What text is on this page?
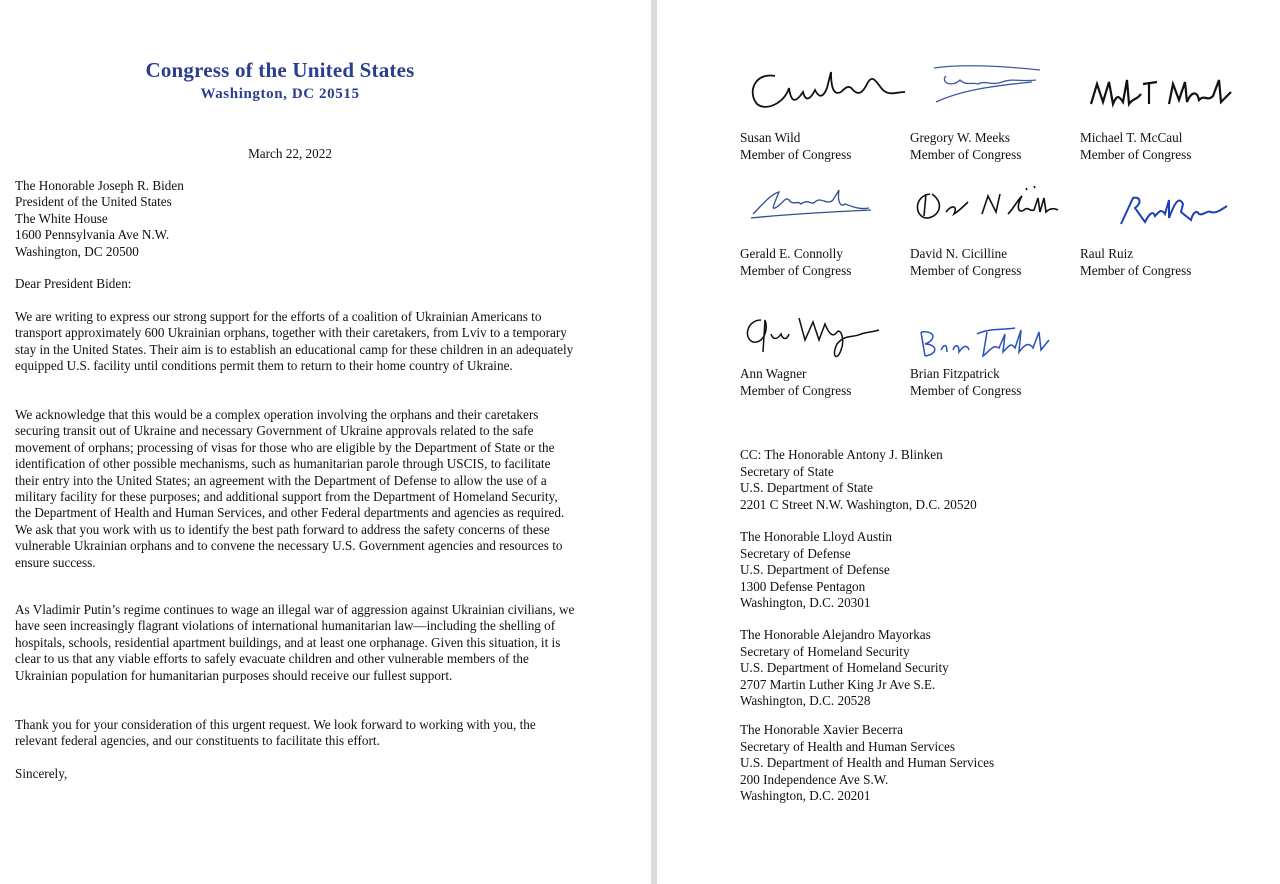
Congress of the United States
Washington, DC 20515
March 22, 2022
The Honorable Joseph R. Biden
President of the United States
The White House
1600 Pennsylvania Ave N.W.
Washington, DC 20500
Dear President Biden:

We are writing to express our strong support for the efforts of a coalition of Ukrainian Americans to transport approximately 600 Ukrainian orphans, together with their caretakers, from Lviv to a temporary stay in the United States. Their aim is to establish an educational camp for these children in an adequately equipped U.S. facility until conditions permit them to return to their home country of Ukraine.

We acknowledge that this would be a complex operation involving the orphans and their caretakers securing transit out of Ukraine and necessary Government of Ukraine approvals related to the safe movement of orphans; processing of visas for those who are eligible by the Department of State or the identification of other possible mechanisms, such as humanitarian parole through USCIS, to facilitate their entry into the United States; an agreement with the Department of Defense to allow the use of a military facility for these purposes; and additional support from the Department of Homeland Security, the Department of Health and Human Services, and other Federal departments and agencies as required. We ask that you work with us to identify the best path forward to address the safety concerns of these vulnerable Ukrainian orphans and to convene the necessary U.S. Government agencies and resources to ensure success.

As Vladimir Putin’s regime continues to wage an illegal war of aggression against Ukrainian civilians, we have seen increasingly flagrant violations of international humanitarian law—including the shelling of hospitals, schools, residential apartment buildings, and at least one orphanage. Given this situation, it is clear to us that any viable efforts to safely evacuate children and other vulnerable members of the Ukrainian population for humanitarian purposes should receive our fullest support.

Thank you for your consideration of this urgent request. We look forward to working with you, the relevant federal agencies, and our constituents to facilitate this effort.

Sincerely,
Susan Wild
Member of Congress
Gregory W. Meeks
Member of Congress
Michael T. McCaul
Member of Congress
Gerald E. Connolly
Member of Congress
David N. Cicilline
Member of Congress
Raul Ruiz
Member of Congress
Ann Wagner
Member of Congress
Brian Fitzpatrick
Member of Congress
CC: The Honorable Antony J. Blinken
Secretary of State
U.S. Department of State
2201 C Street N.W. Washington, D.C. 20520
The Honorable Lloyd Austin
Secretary of Defense
U.S. Department of Defense
1300 Defense Pentagon
Washington, D.C. 20301
The Honorable Alejandro Mayorkas
Secretary of Homeland Security
U.S. Department of Homeland Security
2707 Martin Luther King Jr Ave S.E.
Washington, D.C. 20528
The Honorable Xavier Becerra
Secretary of Health and Human Services
U.S. Department of Health and Human Services
200 Independence Ave S.W.
Washington, D.C. 20201
